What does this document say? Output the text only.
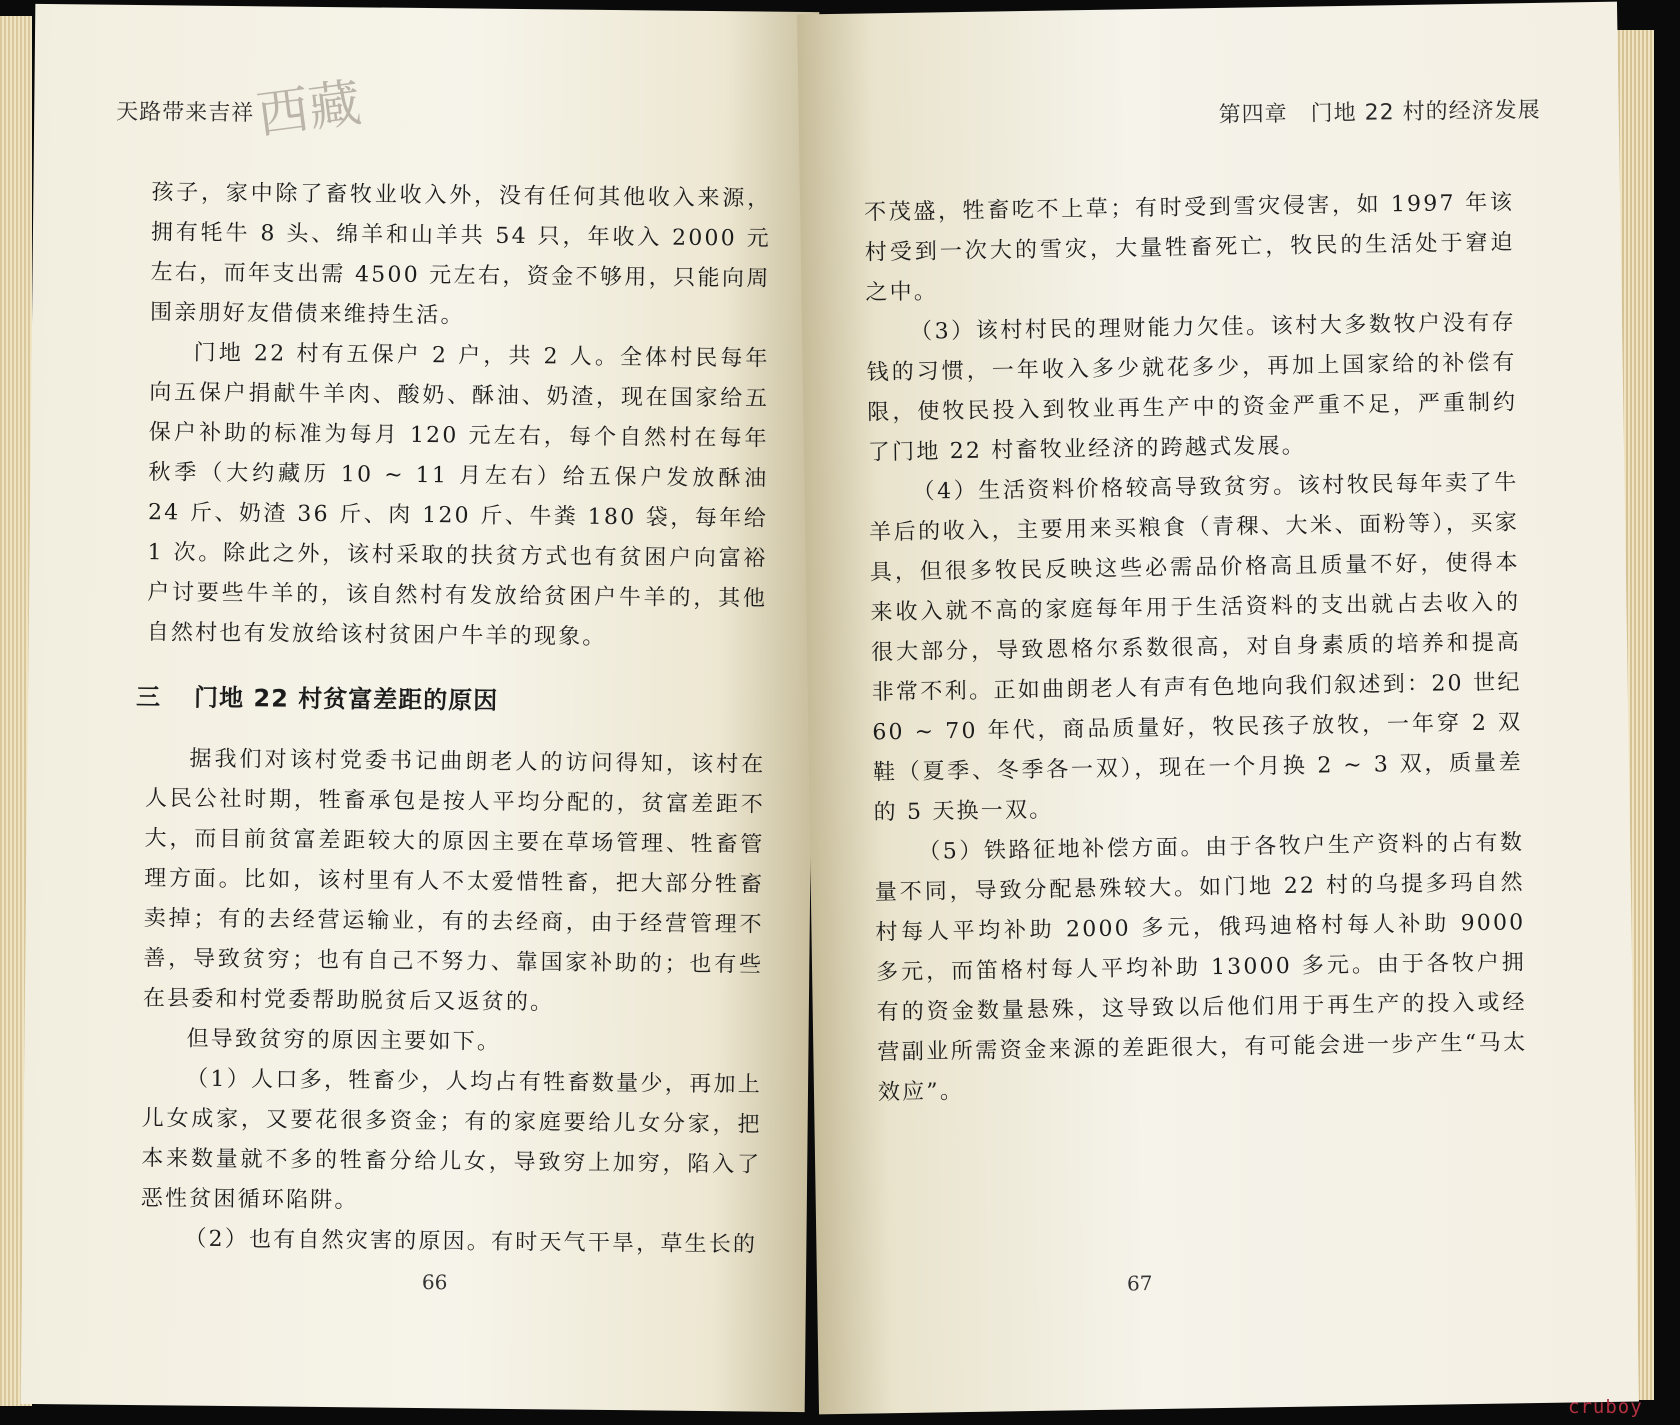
天路带来吉祥 西藏

孩子，家中除了畜牧业收入外，没有任何其他收入来源，拥有牦牛 8 头、绵羊和山羊共 54 只，年收入 2000 元左右，而年支出需 4500 元左右，资金不够用，只能向周围亲朋好友借债来维持生活。

门地 22 村有五保户 2 户，共 2 人。全体村民每年向五保户捐献牛羊肉、酸奶、酥油、奶渣，现在国家给五保户补助的标准为每月 120 元左右，每个自然村在每年秋季（大约藏历 10 ~ 11 月左右）给五保户发放酥油 24 斤、奶渣 36 斤、肉 120 斤、牛粪 180 袋，每年给 1 次。除此之外，该村采取的扶贫方式也有贫困户向富裕户讨要些牛羊的，该自然村有发放给贫困户牛羊的，其他自然村也有发放给该村贫困户牛羊的现象。

三 门地 22 村贫富差距的原因

据我们对该村党委书记曲朗老人的访问得知，该村在人民公社时期，牲畜承包是按人平均分配的，贫富差距不大，而目前贫富差距较大的原因主要在草场管理、牲畜管理方面。比如，该村里有人不太爱惜牲畜，把大部分牲畜卖掉；有的去经营运输业，有的去经商，由于经营管理不善，导致贫穷；也有自己不努力、靠国家补助的；也有些在县委和村党委帮助脱贫后又返贫的。

但导致贫穷的原因主要如下。

（1）人口多，牲畜少，人均占有牲畜数量少，再加上儿女成家，又要花很多资金；有的家庭要给儿女分家，把本来数量就不多的牲畜分给儿女，导致穷上加穷，陷入了恶性贫困循环陷阱。

（2）也有自然灾害的原因。有时天气干旱，草生长的

66
第四章　门地 22 村的经济发展

不茂盛，牲畜吃不上草；有时受到雪灾侵害，如 1997 年该村受到一次大的雪灾，大量牲畜死亡，牧民的生活处于窘迫之中。

（3）该村村民的理财能力欠佳。该村大多数牧户没有存钱的习惯，一年收入多少就花多少，再加上国家给的补偿有限，使牧民投入到牧业再生产中的资金严重不足，严重制约了门地 22 村畜牧业经济的跨越式发展。

（4）生活资料价格较高导致贫穷。该村牧民每年卖了牛羊后的收入，主要用来买粮食（青稞、大米、面粉等），买家具，但很多牧民反映这些必需品价格高且质量不好，使得本来收入就不高的家庭每年用于生活资料的支出就占去收入的很大部分，导致恩格尔系数很高，对自身素质的培养和提高非常不利。正如曲朗老人有声有色地向我们叙述到：20 世纪 60 ~ 70 年代，商品质量好，牧民孩子放牧，一年穿 2 双鞋（夏季、冬季各一双），现在一个月换 2 ~ 3 双，质量差的 5 天换一双。

（5）铁路征地补偿方面。由于各牧户生产资料的占有数量不同，导致分配悬殊较大。如门地 22 村的乌提多玛自然村每人平均补助 2000 多元，俄玛迪格村每人补助 9000 多元，而笛格村每人平均补助 13000 多元。由于各牧户拥有的资金数量悬殊，这导致以后他们用于再生产的投入或经营副业所需资金来源的差距很大，有可能会进一步产生“马太效应”。

67
cruboy
